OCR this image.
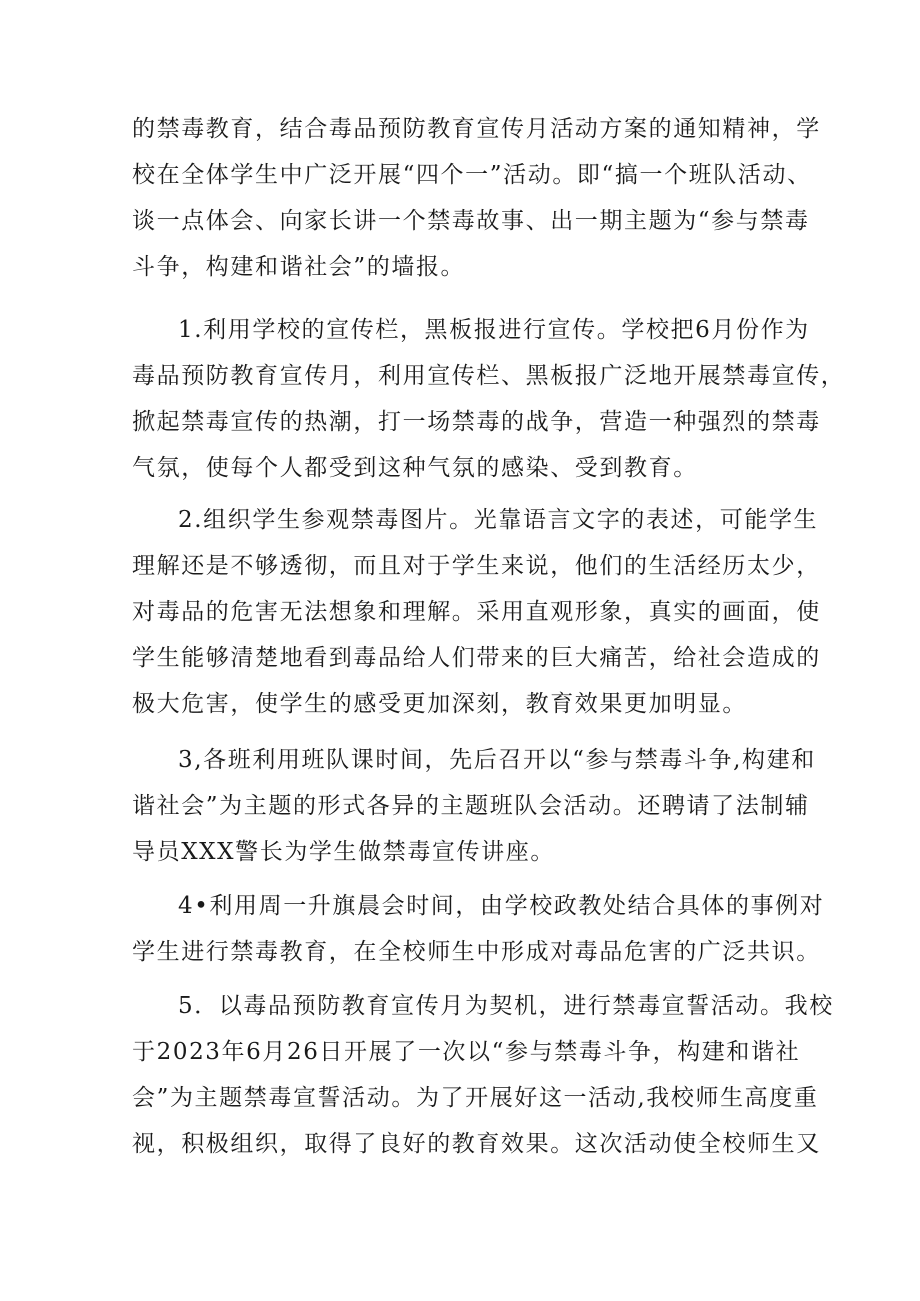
的禁毒教育，结合毒品预防教育宣传月活动方案的通知精神，学
校在全体学生中广泛开展“四个一”活动。即“搞一个班队活动、
谈一点体会、向家长讲一个禁毒故事、出一期主题为“参与禁毒
斗争，构建和谐社会”的墙报。
1.利用学校的宣传栏，黑板报进行宣传。学校把6月份作为
毒品预防教育宣传月，利用宣传栏、黑板报广泛地开展禁毒宣传，
掀起禁毒宣传的热潮，打一场禁毒的战争，营造一种强烈的禁毒
气氛，使每个人都受到这种气氛的感染、受到教育。
2.组织学生参观禁毒图片。光靠语言文字的表述，可能学生
理解还是不够透彻，而且对于学生来说，他们的生活经历太少，
对毒品的危害无法想象和理解。采用直观形象，真实的画面，使
学生能够清楚地看到毒品给人们带来的巨大痛苦，给社会造成的
极大危害，使学生的感受更加深刻，教育效果更加明显。
3,各班利用班队课时间，先后召开以“参与禁毒斗争,构建和
谐社会”为主题的形式各异的主题班队会活动。还聘请了法制辅
导员XXX警长为学生做禁毒宣传讲座。
4•利用周一升旗晨会时间，由学校政教处结合具体的事例对
学生进行禁毒教育，在全校师生中形成对毒品危害的广泛共识。
5．以毒品预防教育宣传月为契机，进行禁毒宣誓活动。我校
于2023年6月26日开展了一次以“参与禁毒斗争，构建和谐社
会”为主题禁毒宣誓活动。为了开展好这一活动,我校师生高度重
视，积极组织，取得了良好的教育效果。这次活动使全校师生又
